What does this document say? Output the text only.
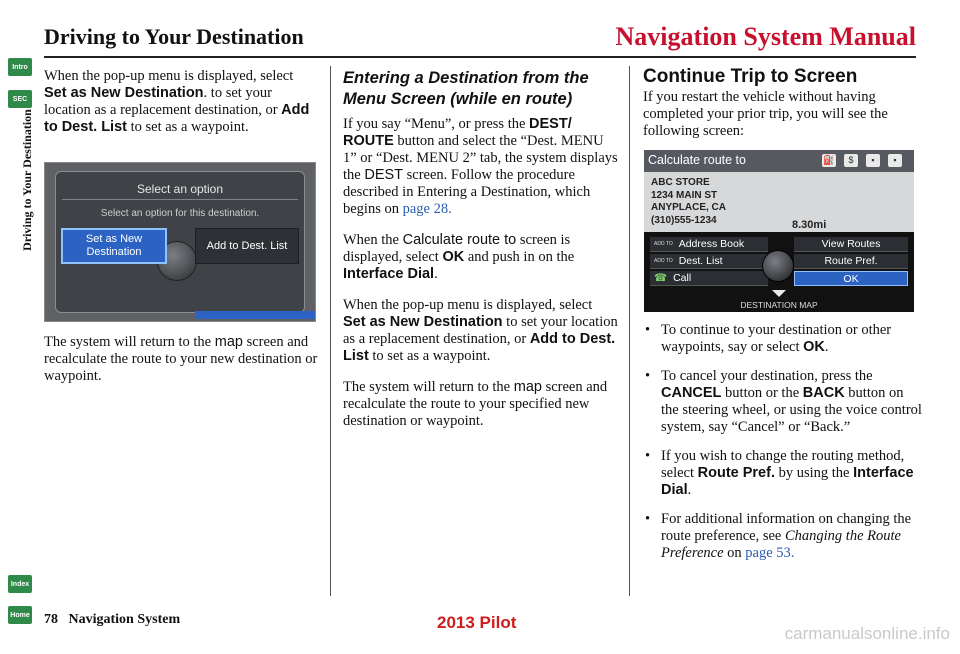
Driving to Your Destination	Navigation System Manual
Intro
SEC
Index
Home
Driving to Your Destination

When the pop-up menu is displayed, select Set as New Destination. to set your location as a replacement destination, or Add to Dest. List to set as a waypoint.

Select an option
Select an option for this destination.
Set as New Destination
Add to Dest. List

The system will return to the map screen and recalculate the route to your new destination or waypoint.

Entering a Destination from the Menu Screen (while en route)

If you say “Menu”, or press the DEST/ ROUTE button and select the “Dest. MENU 1” or “Dest. MENU 2” tab, the system displays the DEST screen. Follow the procedure described in Entering a Destination, which begins on page 28.

When the Calculate route to screen is displayed, select OK and push in on the Interface Dial.

When the pop-up menu is displayed, select Set as New Destination to set your location as a replacement destination, or Add to Dest. List to set as a waypoint.

The system will return to the map screen and recalculate the route to your specified new destination or waypoint.

Continue Trip to Screen

If you restart the vehicle without having completed your prior trip, you will see the following screen:

Calculate route to	⛽	$	▪	▪
ABC STORE
1234 MAIN ST
ANYPLACE, CA
(310)555-1234	8.30mi
ADD TO Address Book
ADD TO Dest. List
☎ Call
View Routes
Route Pref.
OK
DESTINATION MAP
• To continue to your destination or other waypoints, say or select OK.
• To cancel your destination, press the CANCEL button or the BACK button on the steering wheel, or using the voice control system, say “Cancel” or “Back.”
• If you wish to change the routing method, select Route Pref. by using the Interface Dial.
• For additional information on changing the route preference, see Changing the Route Preference on page 53.
78 Navigation System	2013 Pilot
carmanualsonline.info
